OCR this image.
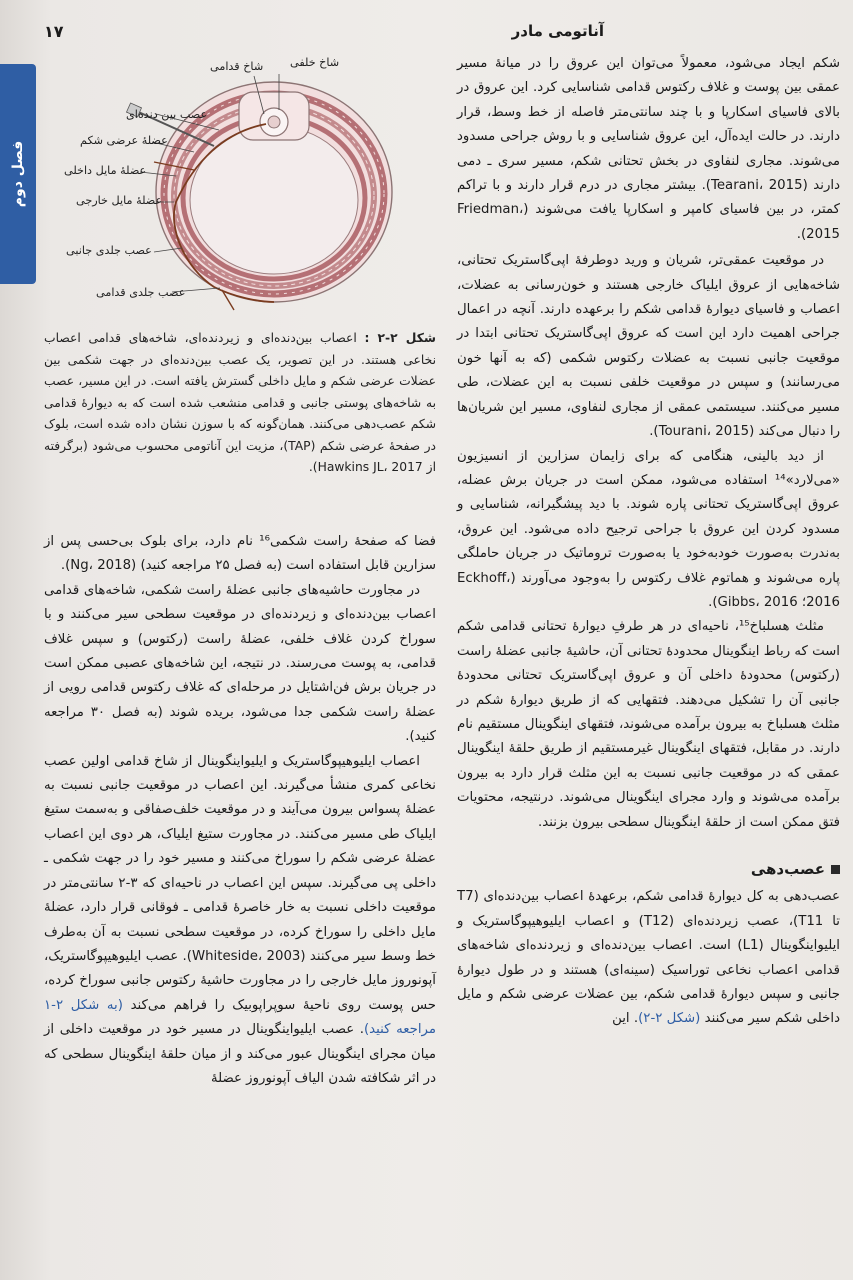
آناتومی مادر
۱۷
فصل دوم
شاخ خلفی
شاخ قدامی
عصب بین دنده‌ای
عضلهٔ عرضی شکم
عضلهٔ مایل داخلی
عضلهٔ مایل خارجی
عصب جلدی جانبی
عصب جلدی قدامی
شکل ۲-۲ : اعصاب بین‌دنده‌ای و زیردنده‌ای، شاخه‌های قدامی اعصاب نخاعی هستند. در این تصویر، یک عصب بین‌دنده‌ای در جهت شکمی بین عضلات عرضی شکم و مایل داخلی گسترش یافته است. در این مسیر، عصب به شاخه‌های پوستی جانبی و قدامی منشعب شده است که به دیوارهٔ قدامی شکم عصب‌دهی می‌کنند. همان‌گونه که با سوزن نشان داده شده است، بلوک در صفحهٔ عرضی شکم (TAP)، مزیت این آناتومی محسوب می‌شود (برگرفته از Hawkins JL، 2017).

شکم ایجاد می‌شود، معمولاً می‌توان این عروق را در میانهٔ مسیر عمقی بین پوست و غلاف رکتوس قدامی شناسایی کرد. این عروق در بالای فاسیای اسکارپا و با چند سانتی‌متر فاصله از خط وسط، قرار دارند. در حالت ایده‌آل، این عروق شناسایی و با روش جراحی مسدود می‌شوند. مجاری لنفاوی در بخش تحتانی شکم، مسیر سری ـ دمی دارند (Tearani، 2015). بیشتر مجاری در درم قرار دارند و با تراکم کمتر، در بین فاسیای کامپر و اسکارپا یافت می‌شوند (Friedman، 2015).

در موقعیت عمقی‌تر، شریان و ورید دوطرفهٔ اپی‌گاستریک تحتانی، شاخه‌هایی از عروق ایلیاک خارجی هستند و خون‌رسانی به عضلات، اعصاب و فاسیای دیوارهٔ قدامی شکم را برعهده دارند. آنچه در اعمال جراحی اهمیت دارد این است که عروق اپی‌گاستریک تحتانی ابتدا در موقعیت جانبی نسبت به عضلات رکتوس شکمی (که به آنها خون می‌رسانند) و سپس در موقعیت خلفی نسبت به این عضلات، طی مسیر می‌کنند. سیستمی عمقی از مجاری لنفاوی، مسیر این شریان‌ها را دنبال می‌کند (Tourani، 2015).

از دید بالینی، هنگامی که برای زایمان سزارین از انسیزیون «می‌لارد»¹⁴ استفاده می‌شود، ممکن است در جریان برش عضله، عروق اپی‌گاستریک تحتانی پاره شوند. با دید پیشگیرانه، شناسایی و مسدود کردن این عروق با جراحی ترجیح داده می‌شود. این عروق، به‌ندرت به‌صورت خودبه‌خود یا به‌صورت تروماتیک در جریان حاملگی پاره می‌شوند و هماتوم غلاف رکتوس را به‌وجود می‌آورند (Eckhoff، 2016؛ Gibbs، 2016).

مثلث هسلباخ¹⁵، ناحیه‌ای در هر طرفِ دیوارهٔ تحتانی قدامی شکم است که رباط اینگوینال محدودهٔ تحتانی آن، حاشیهٔ جانبی عضلهٔ راست (رکتوس) محدودهٔ داخلی آن و عروق اپی‌گاستریک تحتانی محدودهٔ جانبی آن را تشکیل می‌دهند. فتقهایی که از طریق دیوارهٔ شکم در مثلث هسلباخ به بیرون برآمده می‌شوند، فتقهای اینگوینال مستقیم نام دارند. در مقابل، فتقهای اینگوینال غیرمستقیم از طریق حلقهٔ اینگوینال عمقی که در موقعیت جانبی نسبت به این مثلث قرار دارد به بیرون برآمده می‌شوند و وارد مجرای اینگوینال می‌شوند. درنتیجه، محتویات فتق ممکن است از حلقهٔ اینگوینال سطحی بیرون بزنند.

عصب‌دهی

عصب‌دهی به کل دیوارهٔ قدامی شکم، برعهدهٔ اعصاب بین‌دنده‌ای (T7 تا T11)، عصب زیردنده‌ای (T12) و اعصاب ایلیوهیپوگاستریک و ایلیواینگوینال (L1) است. اعصاب بین‌دنده‌ای و زیردنده‌ای شاخه‌های قدامی اعصاب نخاعی توراسیک (سینه‌ای) هستند و در طول دیوارهٔ جانبی و سپس دیوارهٔ قدامی شکم، بین عضلات عرضی شکم و مایل داخلی شکم سیر می‌کنند (شکل ۲-۲). این

فضا که صفحهٔ راست شکمی¹⁶ نام دارد، برای بلوک بی‌حسی پس از سزارین قابل استفاده است (به فصل ۲۵ مراجعه کنید) (Ng، 2018).

در مجاورت حاشیه‌های جانبی عضلهٔ راست شکمی، شاخه‌های قدامی اعصاب بین‌دنده‌ای و زیردنده‌ای در موقعیت سطحی سیر می‌کنند و با سوراخ کردن غلاف خلفی، عضلهٔ راست (رکتوس) و سپس غلاف قدامی، به پوست می‌رسند. در نتیجه، این شاخه‌های عصبی ممکن است در جریان برش فن‌اشتایل در مرحله‌ای که غلاف رکتوس قدامی رویی از عضلهٔ راست شکمی جدا می‌شود، بریده شوند (به فصل ۳۰ مراجعه کنید).

اعصاب ایلیوهیپوگاستریک و ایلیواینگوینال از شاخ قدامی اولین عصب نخاعی کمری منشأ می‌گیرند. این اعصاب در موقعیت جانبی نسبت به عضلهٔ پسواس بیرون می‌آیند و در موقعیت خلف‌صفاقی و به‌سمت ستیغ ایلیاک طی مسیر می‌کنند. در مجاورت ستیغ ایلیاک، هر دوی این اعصاب عضلهٔ عرضی شکم را سوراخ می‌کنند و مسیر خود را در جهت شکمی ـ داخلی پی می‌گیرند. سپس این اعصاب در ناحیه‌ای که ۳-۲ سانتی‌متر در موقعیت داخلی نسبت به خار خاصرهٔ قدامی ـ فوقانی قرار دارد، عضلهٔ مایل داخلی را سوراخ کرده، در موقعیت سطحی نسبت به آن به‌طرف خط وسط سیر می‌کنند (Whiteside، 2003). عصب ایلیوهیپوگاستریک، آپونوروز مایل خارجی را در مجاورت حاشیهٔ رکتوس جانبی سوراخ کرده، حس پوست روی ناحیهٔ سوپراپوبیک را فراهم می‌کند (به شکل ۲-۱ مراجعه کنید). عصب ایلیواینگوینال در مسیر خود در موقعیت داخلی از میان مجرای اینگوینال عبور می‌کند و از میان حلقهٔ اینگوینال سطحی که در اثر شکافته شدن الیاف آپونوروز عضلهٔ
